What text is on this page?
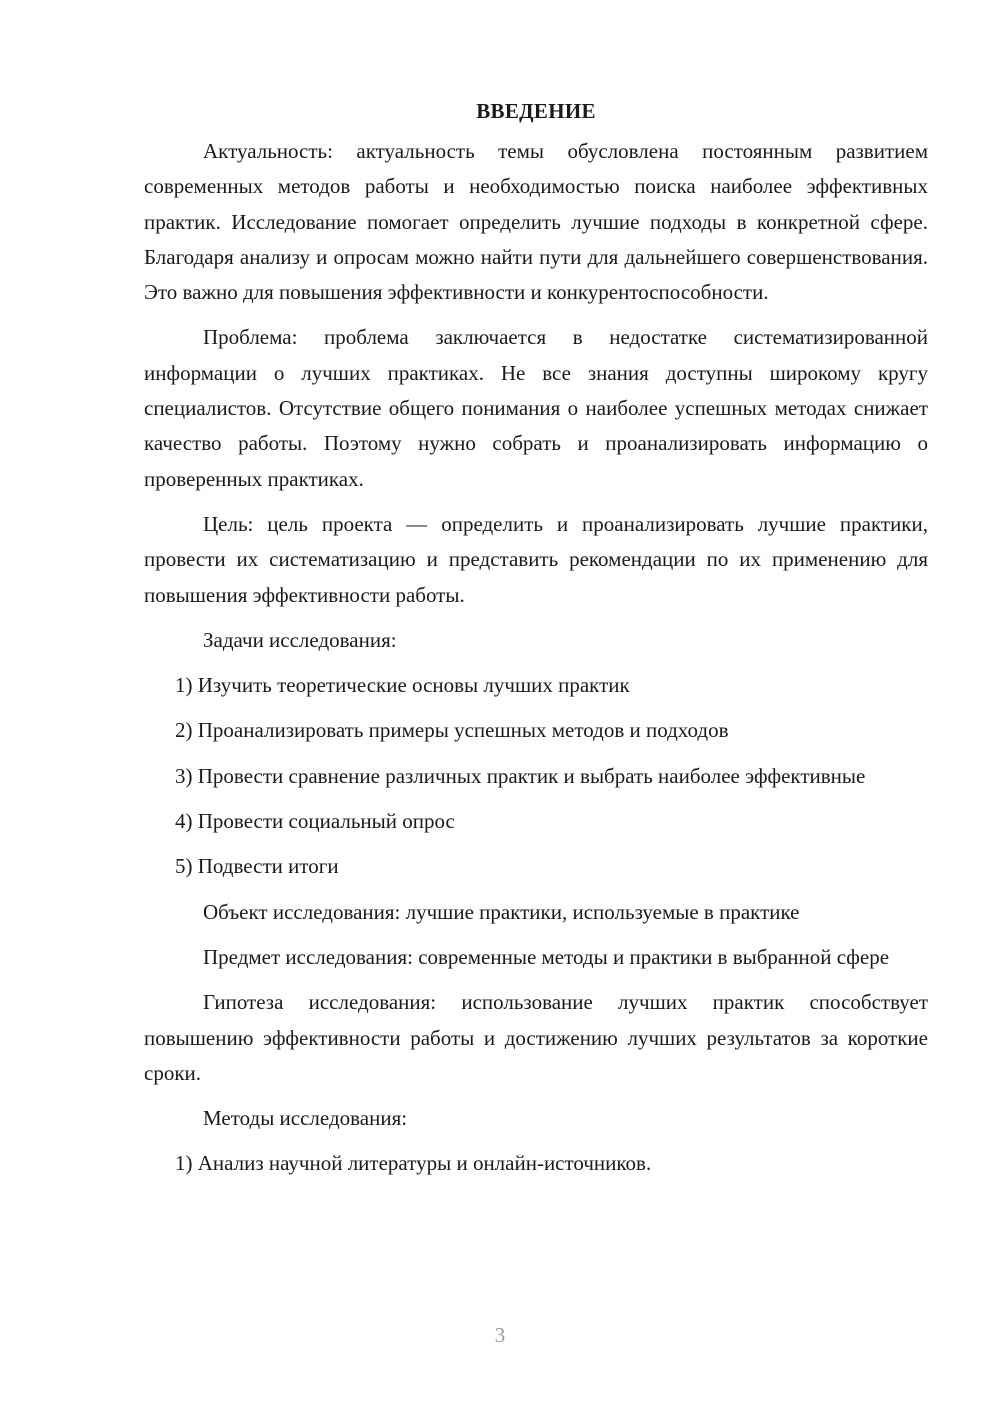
ВВЕДЕНИЕ

Актуальность: актуальность темы обусловлена постоянным развитием современных методов работы и необходимостью поиска наиболее эффективных практик. Исследование помогает определить лучшие подходы в конкретной сфере. Благодаря анализу и опросам можно найти пути для дальнейшего совершенствования. Это важно для повышения эффективности и конкурентоспособности.

Проблема: проблема заключается в недостатке систематизированной информации о лучших практиках. Не все знания доступны широкому кругу специалистов. Отсутствие общего понимания о наиболее успешных методах снижает качество работы. Поэтому нужно собрать и проанализировать информацию о проверенных практиках.

Цель: цель проекта — определить и проанализировать лучшие практики, провести их систематизацию и представить рекомендации по их применению для повышения эффективности работы.

Задачи исследования:

1) Изучить теоретические основы лучших практик

2) Проанализировать примеры успешных методов и подходов

3) Провести сравнение различных практик и выбрать наиболее эффективные

4) Провести социальный опрос

5) Подвести итоги

Объект исследования: лучшие практики, используемые в практике

Предмет исследования: современные методы и практики в выбранной сфере

Гипотеза исследования: использование лучших практик способствует повышению эффективности работы и достижению лучших результатов за короткие сроки.

Методы исследования:

1) Анализ научной литературы и онлайн-источников.

3
